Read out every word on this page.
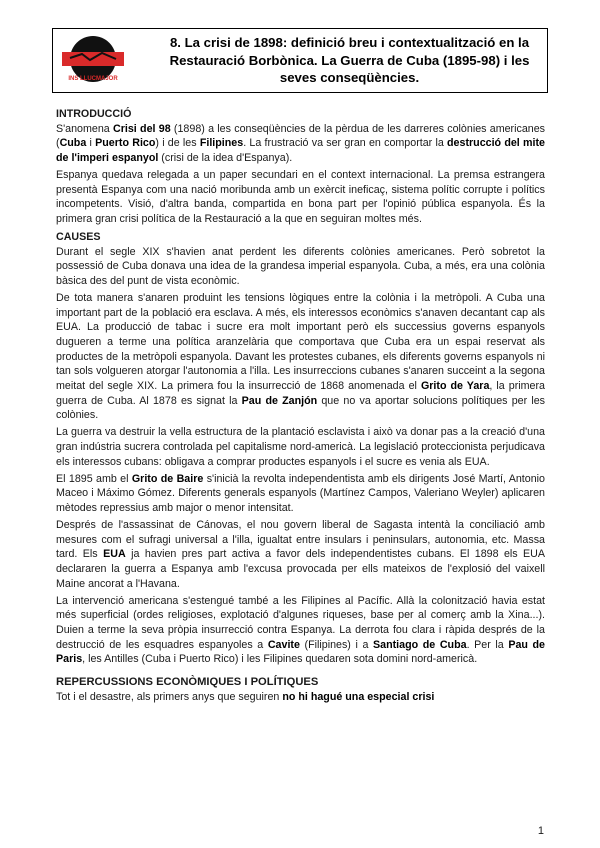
INS LLUCMAJOR
8. La crisi de 1898: definició breu i contextualització en la Restauració Borbònica. La Guerra de Cuba (1895-98) i les seves conseqüències.
INTRODUCCIÓ

S'anomena Crisi del 98 (1898) a les conseqüències de la pèrdua de les darreres colònies americanes (Cuba i Puerto Rico) i de les Filipines. La frustració va ser gran en comportar la destrucció del mite de l'imperi espanyol (crisi de la idea d'Espanya).

Espanya quedava relegada a un paper secundari en el context internacional. La premsa estrangera presentà Espanya com una nació moribunda amb un exèrcit ineficaç, sistema polític corrupte i polítics incompetents. Visió, d'altra banda, compartida en bona part per l'opinió pública espanyola. És la primera gran crisi política de la Restauració a la que en seguiran moltes més.

CAUSES

Durant el segle XIX s'havien anat perdent les diferents colònies americanes. Però sobretot la possessió de Cuba donava una idea de la grandesa imperial espanyola. Cuba, a més, era una colònia bàsica des del punt de vista econòmic.

De tota manera s'anaren produint les tensions lògiques entre la colònia i la metròpoli. A Cuba una important part de la població era esclava. A més, els interessos econòmics s'anaven decantant cap als EUA. La producció de tabac i sucre era molt important però els successius governs espanyols dugueren a terme una política aranzelària que comportava que Cuba era un espai reservat als productes de la metròpoli espanyola. Davant les protestes cubanes, els diferents governs espanyols ni tan sols volgueren atorgar l'autonomia a l'illa. Les insurreccions cubanes s'anaren succeint a la segona meitat del segle XIX. La primera fou la insurrecció de 1868 anomenada el Grito de Yara, la primera guerra de Cuba. Al 1878 es signat la Pau de Zanjón que no va aportar solucions polítiques per les colònies.

La guerra va destruir la vella estructura de la plantació esclavista i això va donar pas a la creació d'una gran indústria sucrera controlada pel capitalisme nord-americà. La legislació proteccionista perjudicava els interessos cubans: obligava a comprar productes espanyols i el sucre es venia als EUA.

El 1895 amb el Grito de Baire s'inicià la revolta independentista amb els dirigents José Martí, Antonio Maceo i Máximo Gómez. Diferents generals espanyols (Martínez Campos, Valeriano Weyler) aplicaren mètodes repressius amb major o menor intensitat.

Després de l'assassinat de Cánovas, el nou govern liberal de Sagasta intentà la conciliació amb mesures com el sufragi universal a l'illa, igualtat entre insulars i peninsulars, autonomia, etc. Massa tard. Els EUA ja havien pres part activa a favor dels independentistes cubans. El 1898 els EUA declararen la guerra a Espanya amb l'excusa provocada per ells mateixos de l'explosió del vaixell Maine ancorat a l'Havana.

La intervenció americana s'estengué també a les Filipines al Pacífic. Allà la colonització havia estat més superficial (ordes religioses, explotació d'algunes riqueses, base per al comerç amb la Xina...). Duien a terme la seva pròpia insurrecció contra Espanya. La derrota fou clara i ràpida després de la destrucció de les esquadres espanyoles a Cavite (Filipines) i a Santiago de Cuba. Per la Pau de Paris, les Antilles (Cuba i Puerto Rico) i les Filipines quedaren sota domini nord-americà.

REPERCUSSIONS ECONÒMIQUES I POLÍTIQUES

Tot i el desastre, als primers anys que seguiren no hi hagué una especial crisi

1
